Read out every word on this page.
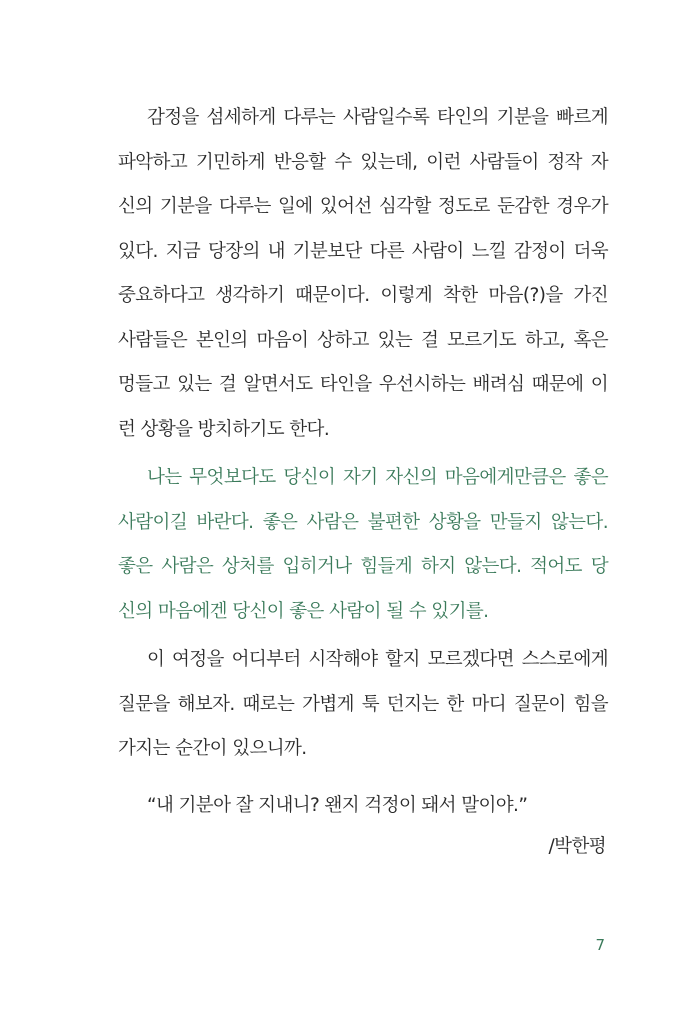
감정을 섬세하게 다루는 사람일수록 타인의 기분을 빠르게
파악하고 기민하게 반응할 수 있는데, 이런 사람들이 정작 자
신의 기분을 다루는 일에 있어선 심각할 정도로 둔감한 경우가
있다. 지금 당장의 내 기분보단 다른 사람이 느낄 감정이 더욱
중요하다고 생각하기 때문이다. 이렇게 착한 마음(?)을 가진
사람들은 본인의 마음이 상하고 있는 걸 모르기도 하고, 혹은
멍들고 있는 걸 알면서도 타인을 우선시하는 배려심 때문에 이
런 상황을 방치하기도 한다.
나는 무엇보다도 당신이 자기 자신의 마음에게만큼은 좋은
사람이길 바란다. 좋은 사람은 불편한 상황을 만들지 않는다.
좋은 사람은 상처를 입히거나 힘들게 하지 않는다. 적어도 당
신의 마음에겐 당신이 좋은 사람이 될 수 있기를.
이 여정을 어디부터 시작해야 할지 모르겠다면 스스로에게
질문을 해보자. 때로는 가볍게 툭 던지는 한 마디 질문이 힘을
가지는 순간이 있으니까.
“내 기분아 잘 지내니? 왠지 걱정이 돼서 말이야.”
/박한평
7
